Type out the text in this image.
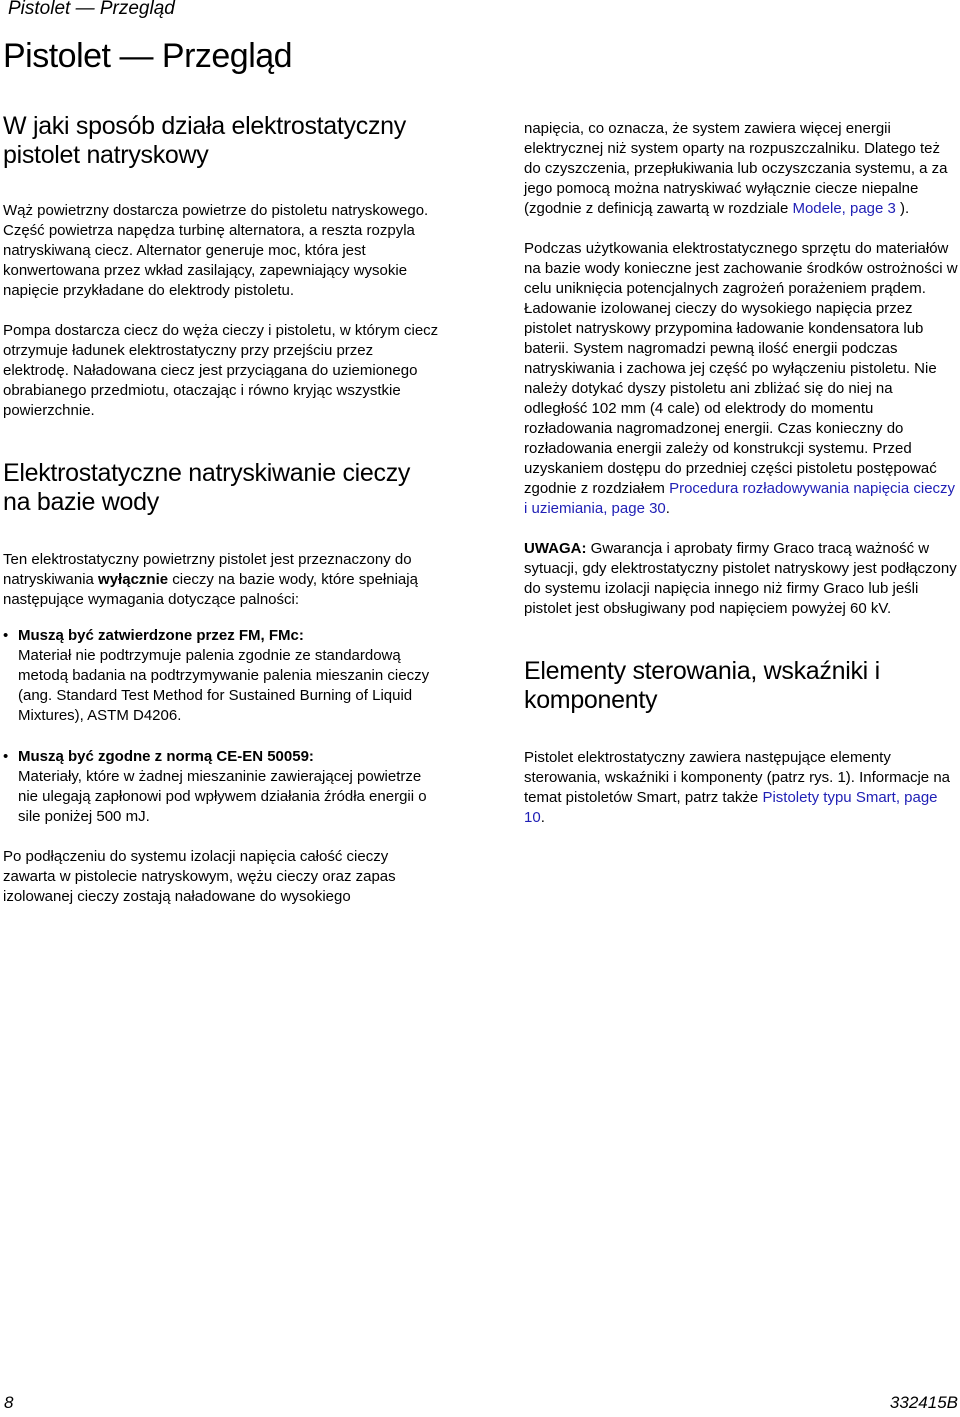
Pistolet — Przegląd
Pistolet — Przegląd
W jaki sposób działa elektrostatyczny pistolet natryskowy

Wąż powietrzny dostarcza powietrze do pistoletu natryskowego. Część powietrza napędza turbinę alternatora, a reszta rozpyla natryskiwaną ciecz. Alternator generuje moc, która jest konwertowana przez wkład zasilający, zapewniający wysokie napięcie przykładane do elektrody pistoletu.

Pompa dostarcza ciecz do węża cieczy i pistoletu, w którym ciecz otrzymuje ładunek elektrostatyczny przy przejściu przez elektrodę. Naładowana ciecz jest przyciągana do uziemionego obrabianego przedmiotu, otaczając i równo kryjąc wszystkie powierzchnie.

Elektrostatyczne natryskiwanie cieczy na bazie wody

Ten elektrostatyczny powietrzny pistolet jest przeznaczony do natryskiwania wyłącznie cieczy na bazie wody, które spełniają następujące wymagania dotyczące palności:

• Muszą być zatwierdzone przez FM, FMc:
Materiał nie podtrzymuje palenia zgodnie ze standardową metodą badania na podtrzymywanie palenia mieszanin cieczy (ang. Standard Test Method for Sustained Burning of Liquid Mixtures), ASTM D4206.
• Muszą być zgodne z normą CE-EN 50059:
Materiały, które w żadnej mieszaninie zawierającej powietrze nie ulegają zapłonowi pod wpływem działania źródła energii o sile poniżej 500 mJ.

Po podłączeniu do systemu izolacji napięcia całość cieczy zawarta w pistolecie natryskowym, wężu cieczy oraz zapas izolowanej cieczy zostają naładowane do wysokiego

napięcia, co oznacza, że system zawiera więcej energii elektrycznej niż system oparty na rozpuszczalniku. Dlatego też do czyszczenia, przepłukiwania lub oczyszczania systemu, a za jego pomocą można natryskiwać wyłącznie ciecze niepalne (zgodnie z definicją zawartą w rozdziale Modele, page 3 ).

Podczas użytkowania elektrostatycznego sprzętu do materiałów na bazie wody konieczne jest zachowanie środków ostrożności w celu uniknięcia potencjalnych zagrożeń porażeniem prądem. Ładowanie izolowanej cieczy do wysokiego napięcia przez pistolet natryskowy przypomina ładowanie kondensatora lub baterii. System nagromadzi pewną ilość energii podczas natryskiwania i zachowa jej część po wyłączeniu pistoletu. Nie należy dotykać dyszy pistoletu ani zbliżać się do niej na odległość 102 mm (4 cale) od elektrody do momentu rozładowania nagromadzonej energii. Czas konieczny do rozładowania energii zależy od konstrukcji systemu. Przed uzyskaniem dostępu do przedniej części pistoletu postępować zgodnie z rozdziałem Procedura rozładowywania napięcia cieczy i uziemiania, page 30.

UWAGA: Gwarancja i aprobaty firmy Graco tracą ważność w sytuacji, gdy elektrostatyczny pistolet natryskowy jest podłączony do systemu izolacji napięcia innego niż firmy Graco lub jeśli pistolet jest obsługiwany pod napięciem powyżej 60 kV.

Elementy sterowania, wskaźniki i komponenty

Pistolet elektrostatyczny zawiera następujące elementy sterowania, wskaźniki i komponenty (patrz rys. 1). Informacje na temat pistoletów Smart, patrz także Pistolety typu Smart, page 10.

8	332415B
